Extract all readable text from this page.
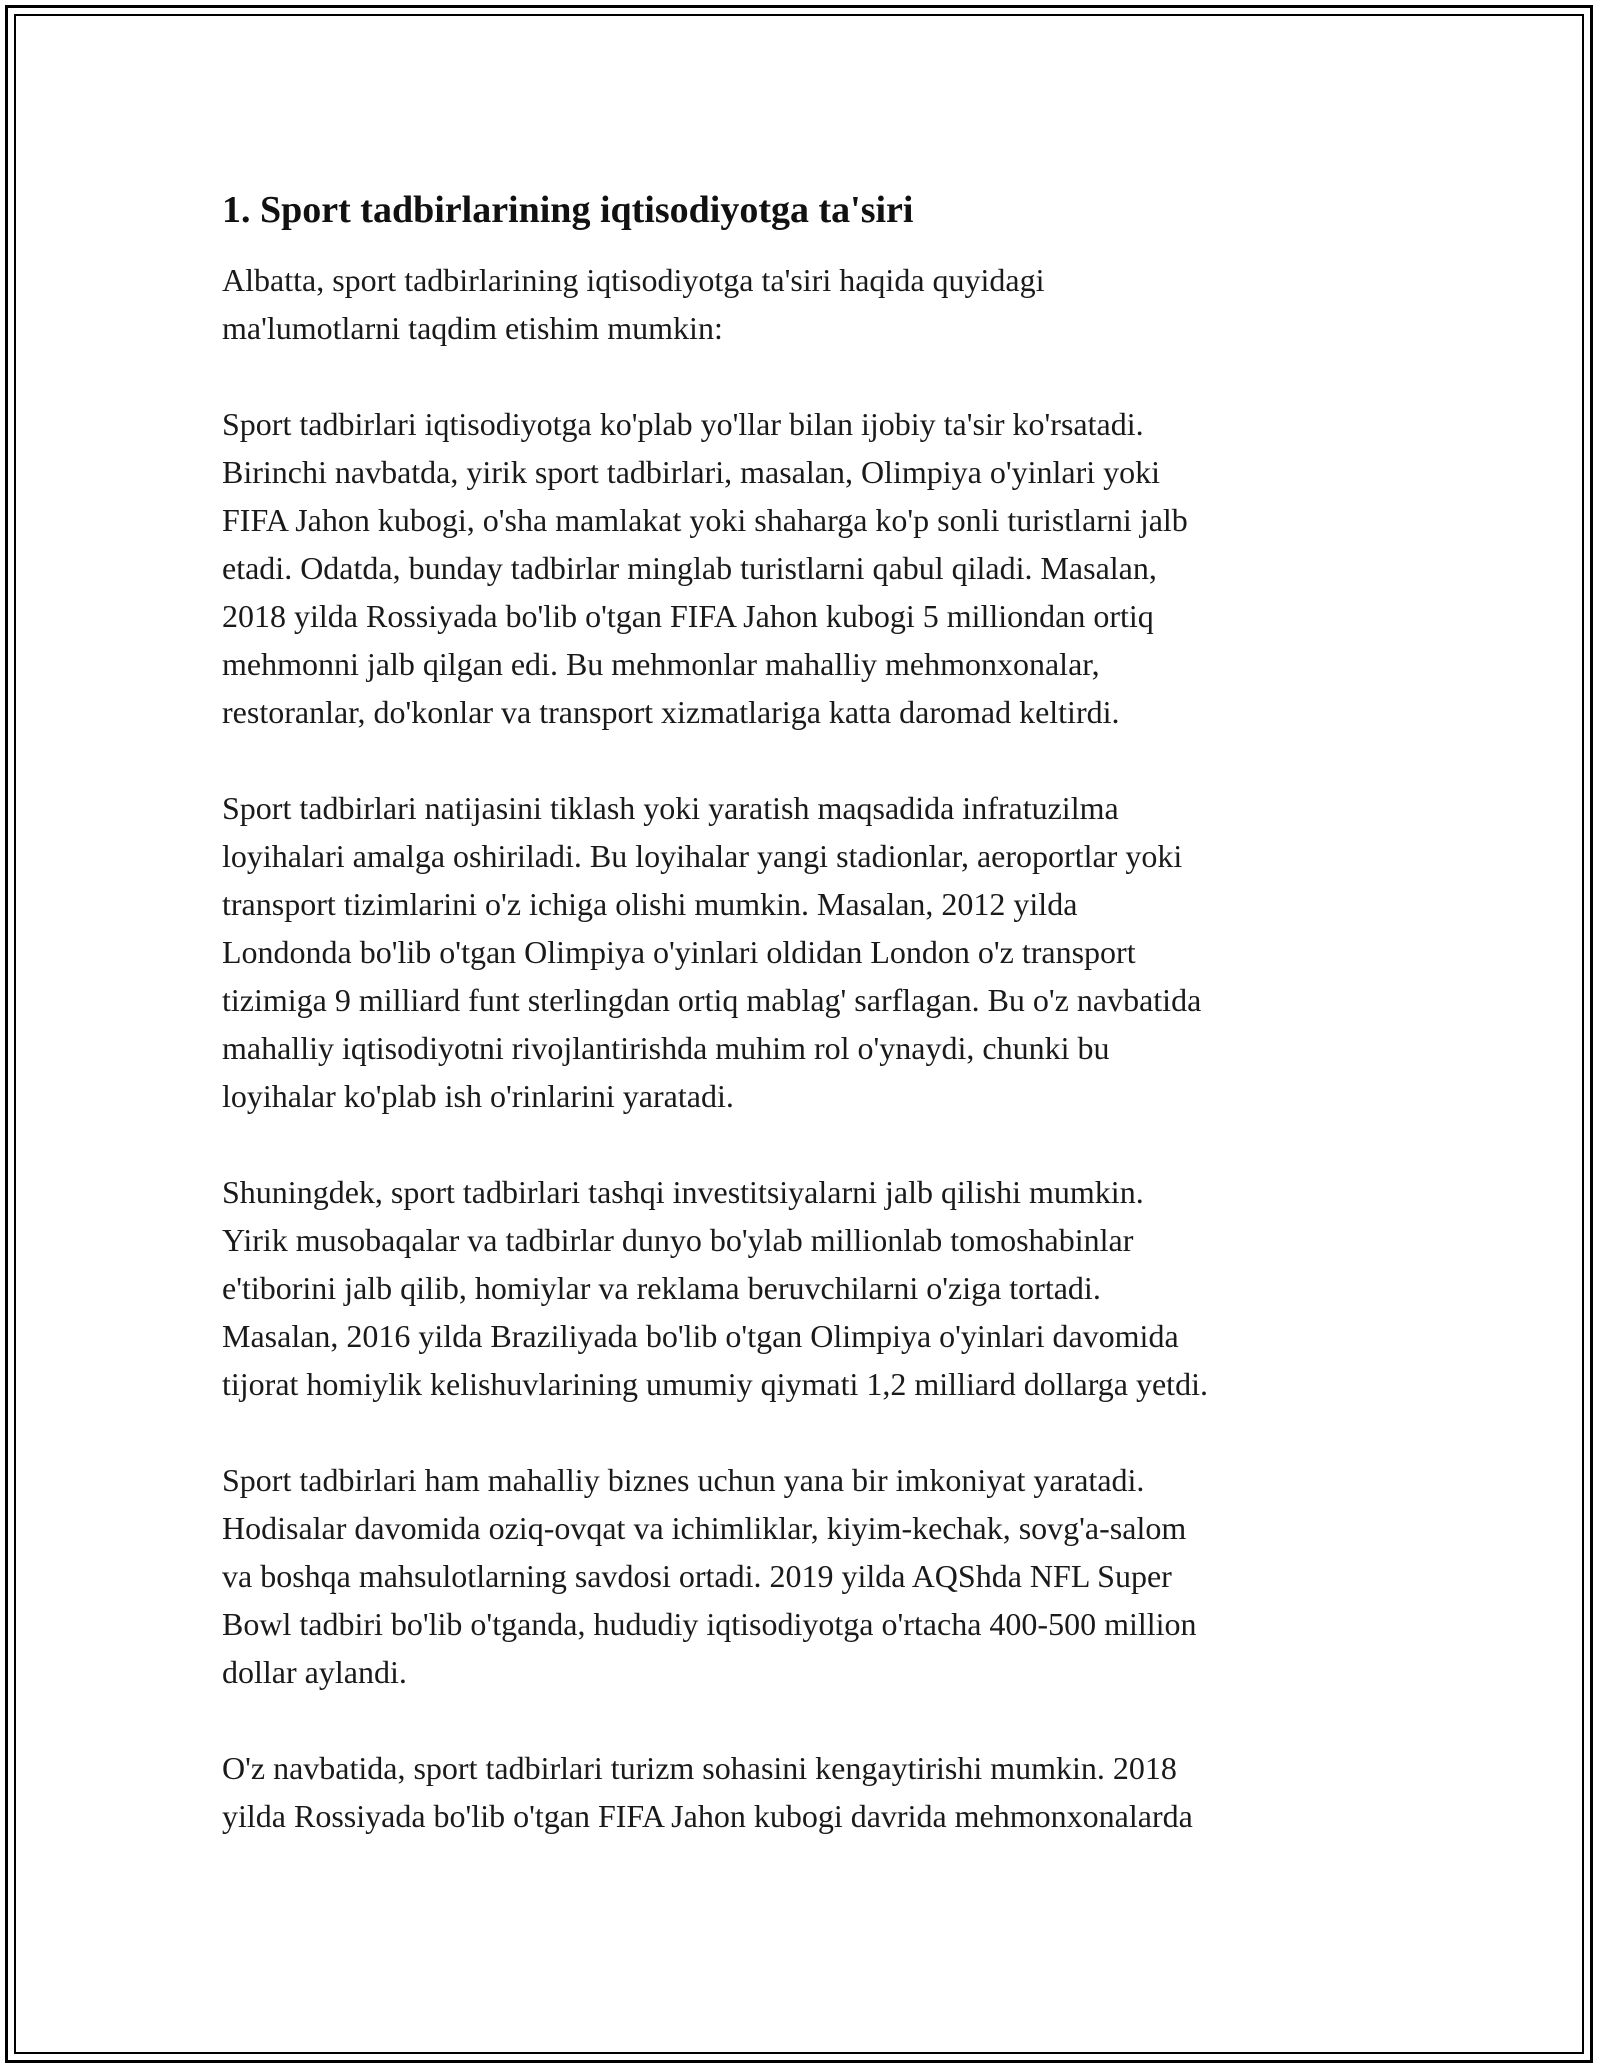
1. Sport tadbirlarining iqtisodiyotga ta'siri

Albatta, sport tadbirlarining iqtisodiyotga ta'siri haqida quyidagi
ma'lumotlarni taqdim etishim mumkin:

Sport tadbirlari iqtisodiyotga ko'plab yo'llar bilan ijobiy ta'sir ko'rsatadi.
Birinchi navbatda, yirik sport tadbirlari, masalan, Olimpiya o'yinlari yoki
FIFA Jahon kubogi, o'sha mamlakat yoki shaharga ko'p sonli turistlarni jalb
etadi. Odatda, bunday tadbirlar minglab turistlarni qabul qiladi. Masalan,
2018 yilda Rossiyada bo'lib o'tgan FIFA Jahon kubogi 5 milliondan ortiq
mehmonni jalb qilgan edi. Bu mehmonlar mahalliy mehmonxonalar,
restoranlar, do'konlar va transport xizmatlariga katta daromad keltirdi.

Sport tadbirlari natijasini tiklash yoki yaratish maqsadida infratuzilma
loyihalari amalga oshiriladi. Bu loyihalar yangi stadionlar, aeroportlar yoki
transport tizimlarini o'z ichiga olishi mumkin. Masalan, 2012 yilda
Londonda bo'lib o'tgan Olimpiya o'yinlari oldidan London o'z transport
tizimiga 9 milliard funt sterlingdan ortiq mablag' sarflagan. Bu o'z navbatida
mahalliy iqtisodiyotni rivojlantirishda muhim rol o'ynaydi, chunki bu
loyihalar ko'plab ish o'rinlarini yaratadi.

Shuningdek, sport tadbirlari tashqi investitsiyalarni jalb qilishi mumkin.
Yirik musobaqalar va tadbirlar dunyo bo'ylab millionlab tomoshabinlar
e'tiborini jalb qilib, homiylar va reklama beruvchilarni o'ziga tortadi.
Masalan, 2016 yilda Braziliyada bo'lib o'tgan Olimpiya o'yinlari davomida
tijorat homiylik kelishuvlarining umumiy qiymati 1,2 milliard dollarga yetdi.

Sport tadbirlari ham mahalliy biznes uchun yana bir imkoniyat yaratadi.
Hodisalar davomida oziq-ovqat va ichimliklar, kiyim-kechak, sovg'a-salom
va boshqa mahsulotlarning savdosi ortadi. 2019 yilda AQShda NFL Super
Bowl tadbiri bo'lib o'tganda, hududiy iqtisodiyotga o'rtacha 400-500 million
dollar aylandi.

O'z navbatida, sport tadbirlari turizm sohasini kengaytirishi mumkin. 2018
yilda Rossiyada bo'lib o'tgan FIFA Jahon kubogi davrida mehmonxonalarda
